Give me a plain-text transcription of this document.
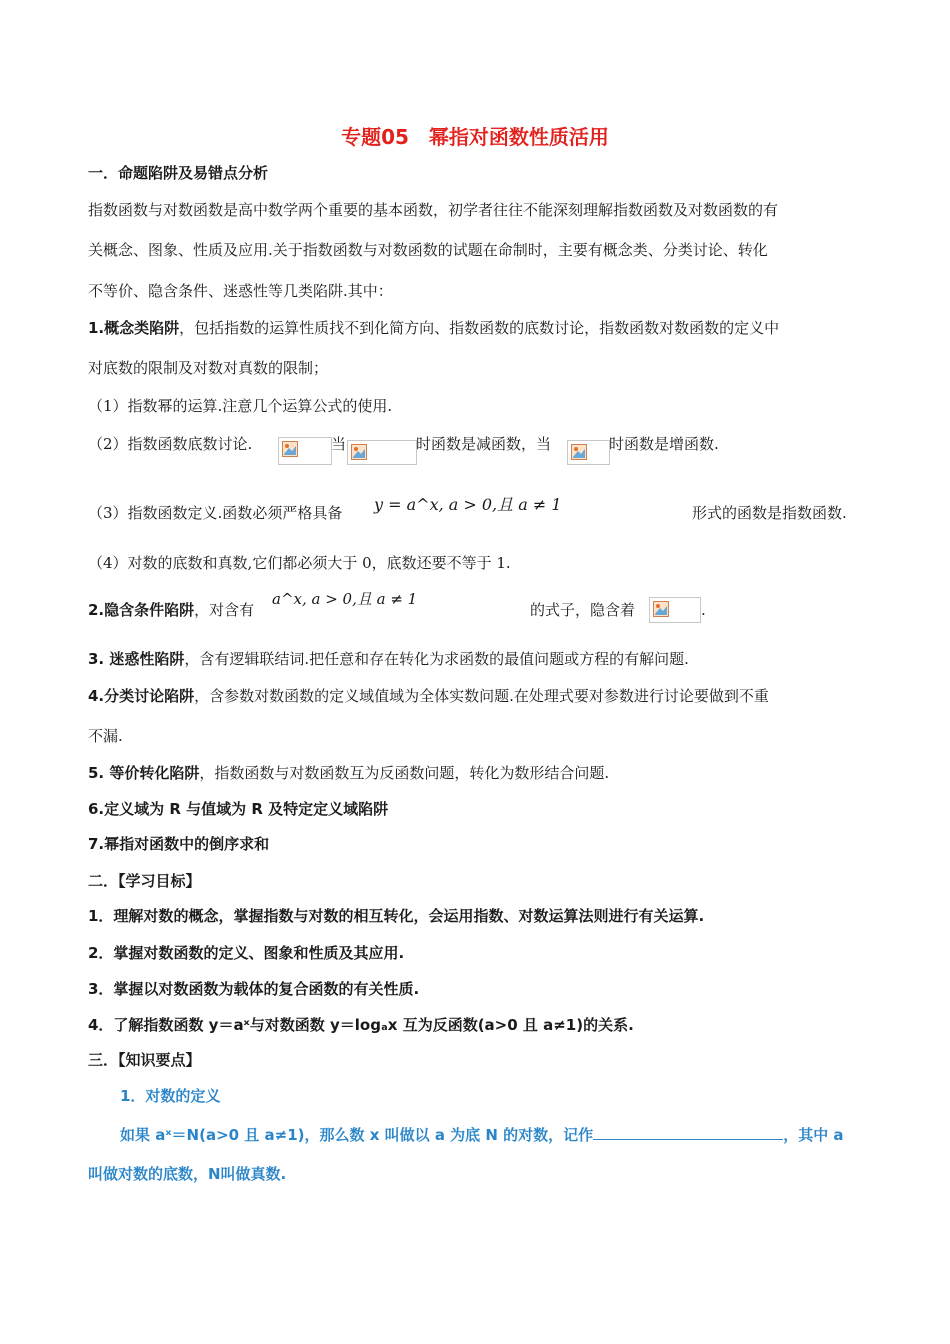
专题05　幂指对函数性质活用
一．命题陷阱及易错点分析
指数函数与对数函数是高中数学两个重要的基本函数，初学者往往不能深刻理解指数函数及对数函数的有
关概念、图象、性质及应用.关于指数函数与对数函数的试题在命制时，主要有概念类、分类讨论、转化
不等价、隐含条件、迷惑性等几类陷阱.其中：
1.概念类陷阱，包括指数的运算性质找不到化简方向、指数函数的底数讨论，指数函数对数函数的定义中
对底数的限制及对数对真数的限制；
（1）指数幂的运算.注意几个运算公式的使用.
（2）指数函数底数讨论.	当	时函数是减函数，当	时函数是增函数.
（3）指数函数定义.函数必须严格具备 y = a^x, a > 0,且 a ≠ 1	形式的函数是指数函数.
（4）对数的底数和真数,它们都必须大于 0，底数还要不等于 1.
2.隐含条件陷阱，对含有
a^x, a > 0,且 a ≠ 1
的式子，隐含着	.
3. 迷惑性陷阱，含有逻辑联结词.把任意和存在转化为求函数的最值问题或方程的有解问题.
4.分类讨论陷阱，含参数对数函数的定义域值域为全体实数问题.在处理式要对参数进行讨论要做到不重
不漏.
5. 等价转化陷阱，指数函数与对数函数互为反函数问题，转化为数形结合问题.
6.定义域为 R 与值域为 R 及特定定义域陷阱
7.幂指对函数中的倒序求和
二．【学习目标】
1．理解对数的概念，掌握指数与对数的相互转化，会运用指数、对数运算法则进行有关运算.
2．掌握对数函数的定义、图象和性质及其应用.
3．掌握以对数函数为载体的复合函数的有关性质.
4．了解指数函数 y＝aˣ与对数函数 y＝logₐx 互为反函数(a>0 且 a≠1)的关系.
三．【知识要点】
1．对数的定义
如果 aˣ＝N(a>0 且 a≠1)，那么数 x 叫做以 a 为底 N 的对数，记作	，其中 a
叫做对数的底数，N叫做真数.
